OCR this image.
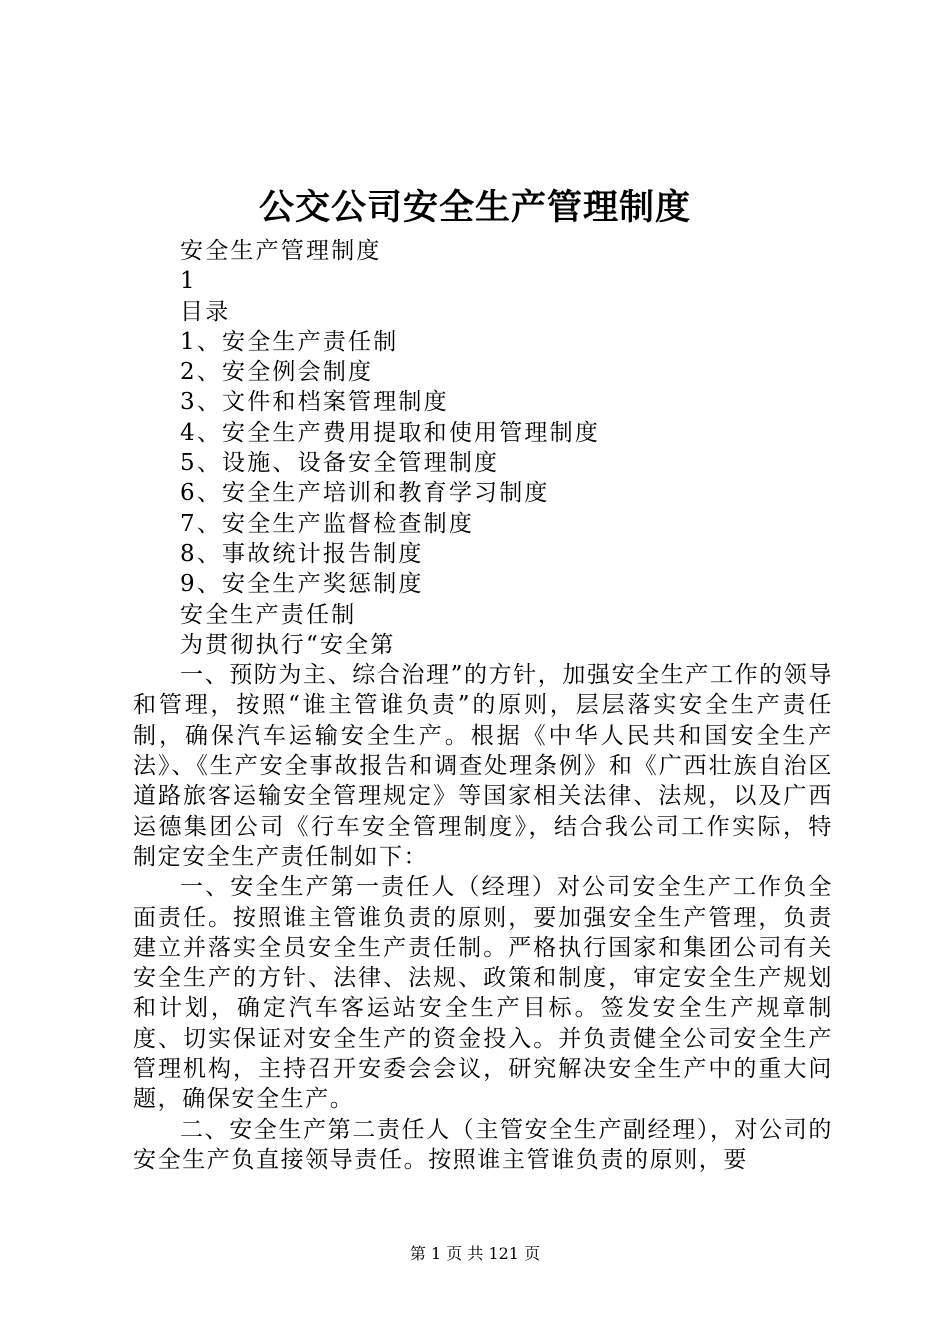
公交公司安全生产管理制度
安全生产管理制度
1
目录
1、安全生产责任制
2、安全例会制度
3、文件和档案管理制度
4、安全生产费用提取和使用管理制度
5、设施、设备安全管理制度
6、安全生产培训和教育学习制度
7、安全生产监督检查制度
8、事故统计报告制度
9、安全生产奖惩制度
安全生产责任制
为贯彻执行“安全第
一、预防为主、综合治理”的方针，加强安全生产工作的领导和管理，按照“谁主管谁负责”的原则，层层落实安全生产责任制，确保汽车运输安全生产。根据《中华人民共和国安全生产法》、《生产安全事故报告和调查处理条例》和《广西壮族自治区道路旅客运输安全管理规定》等国家相关法律、法规，以及广西运德集团公司《行车安全管理制度》，结合我公司工作实际，特制定安全生产责任制如下：
一、安全生产第一责任人（经理）对公司安全生产工作负全面责任。按照谁主管谁负责的原则，要加强安全生产管理，负责建立并落实全员安全生产责任制。严格执行国家和集团公司有关安全生产的方针、法律、法规、政策和制度，审定安全生产规划和计划，确定汽车客运站安全生产目标。签发安全生产规章制度、切实保证对安全生产的资金投入。并负责健全公司安全生产管理机构，主持召开安委会会议，研究解决安全生产中的重大问题，确保安全生产。
二、安全生产第二责任人（主管安全生产副经理），对公司的安全生产负直接领导责任。按照谁主管谁负责的原则，要
第 1 页 共 121 页
